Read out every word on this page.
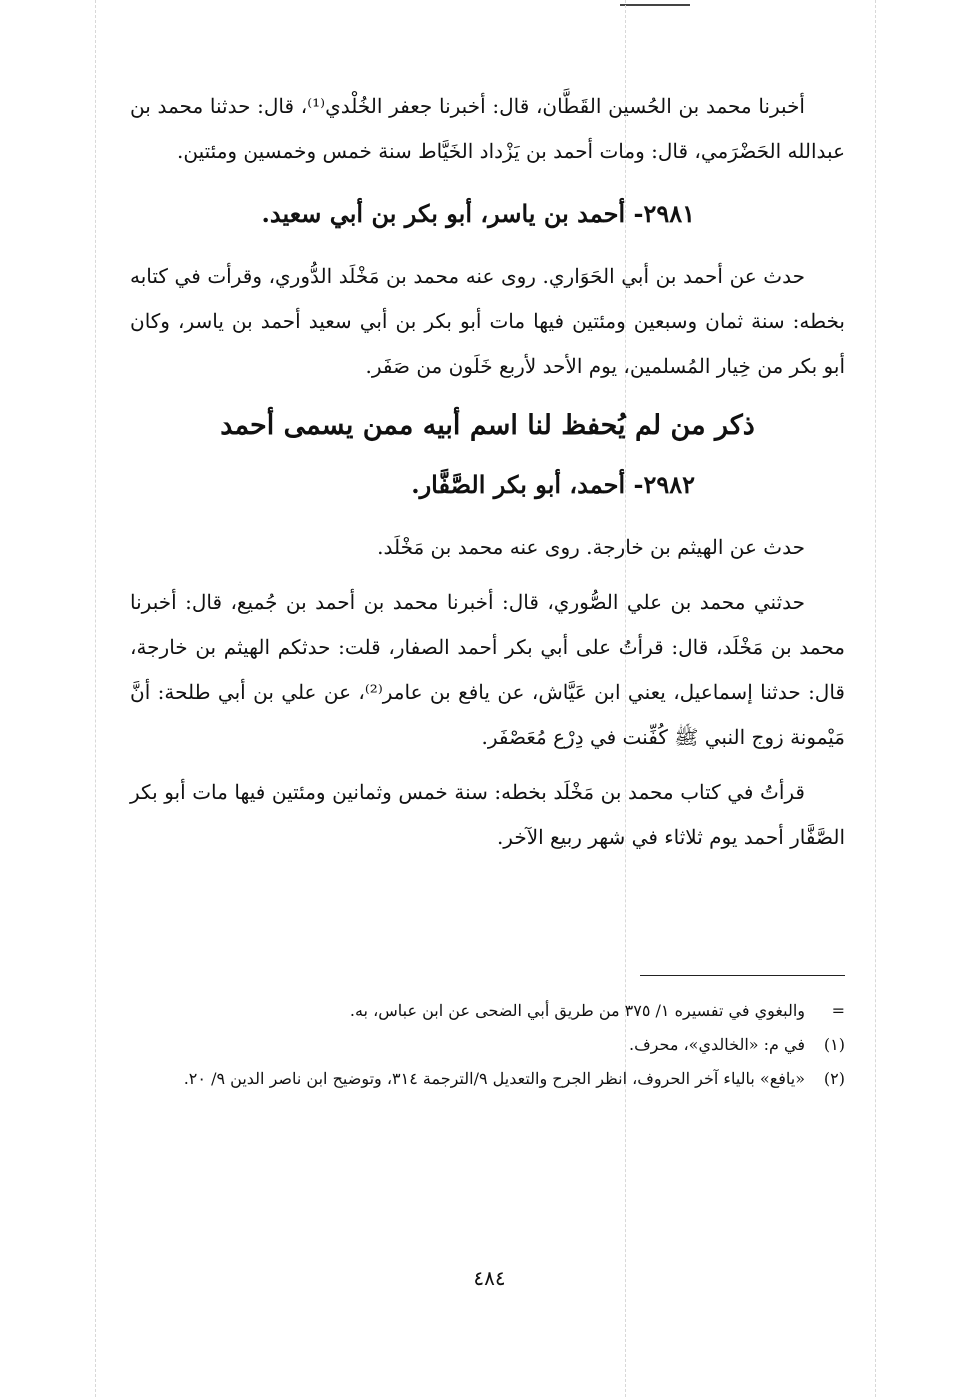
أخبرنا محمد بن الحُسين القَطَّان، قال: أخبرنا جعفر الخُلْدي⁽¹⁾، قال: حدثنا محمد بن عبدالله الحَضْرَمي، قال: ومات أحمد بن يَزْداد الخَيَّاط سنة خمس وخمسين ومئتين.

٢٩٨١- أحمد بن ياسر، أبو بكر بن أبي سعيد.

حدث عن أحمد بن أبي الحَوَاري. روى عنه محمد بن مَخْلَد الدُّوري، وقرأت في كتابه بخطه: سنة ثمان وسبعين ومئتين فيها مات أبو بكر بن أبي سعيد أحمد بن ياسر، وكان أبو بكر من خِيار المُسلمين، يوم الأحد لأربع خَلَون من صَفَر.

ذكر من لم يُحفظ لنا اسم أبيه ممن يسمى أحمد
٢٩٨٢- أحمد، أبو بكر الصَّفَّار.

حدث عن الهيثم بن خارجة. روى عنه محمد بن مَخْلَد.

حدثني محمد بن علي الصُّوري، قال: أخبرنا محمد بن أحمد بن جُميع، قال: أخبرنا محمد بن مَخْلَد، قال: قرأتُ على أبي بكر أحمد الصفار، قلت: حدثكم الهيثم بن خارجة، قال: حدثنا إسماعيل، يعني ابن عَيَّاش، عن يافع بن عامر⁽²⁾، عن علي بن أبي طلحة: أنَّ مَيْمونة زوج النبي ﷺ كُفِّنت في دِرْع مُعَصْفَر.

قرأتُ في كتاب محمد بن مَخْلَد بخطه: سنة خمس وثمانين ومئتين فيها مات أبو بكر الصَّفَّار أحمد يوم ثلاثاء في شهر ربيع الآخر.

=
والبغوي في تفسيره ١/ ٣٧٥ من طريق أبي الضحى عن ابن عباس، به.
(١)
في م: «الخالدي»، محرف.
(٢)
«يافع» بالياء آخر الحروف، انظر الجرح والتعديل ٩/الترجمة ٣١٤، وتوضيح ابن ناصر الدين ٩/ ٢٠.
٤٨٤
